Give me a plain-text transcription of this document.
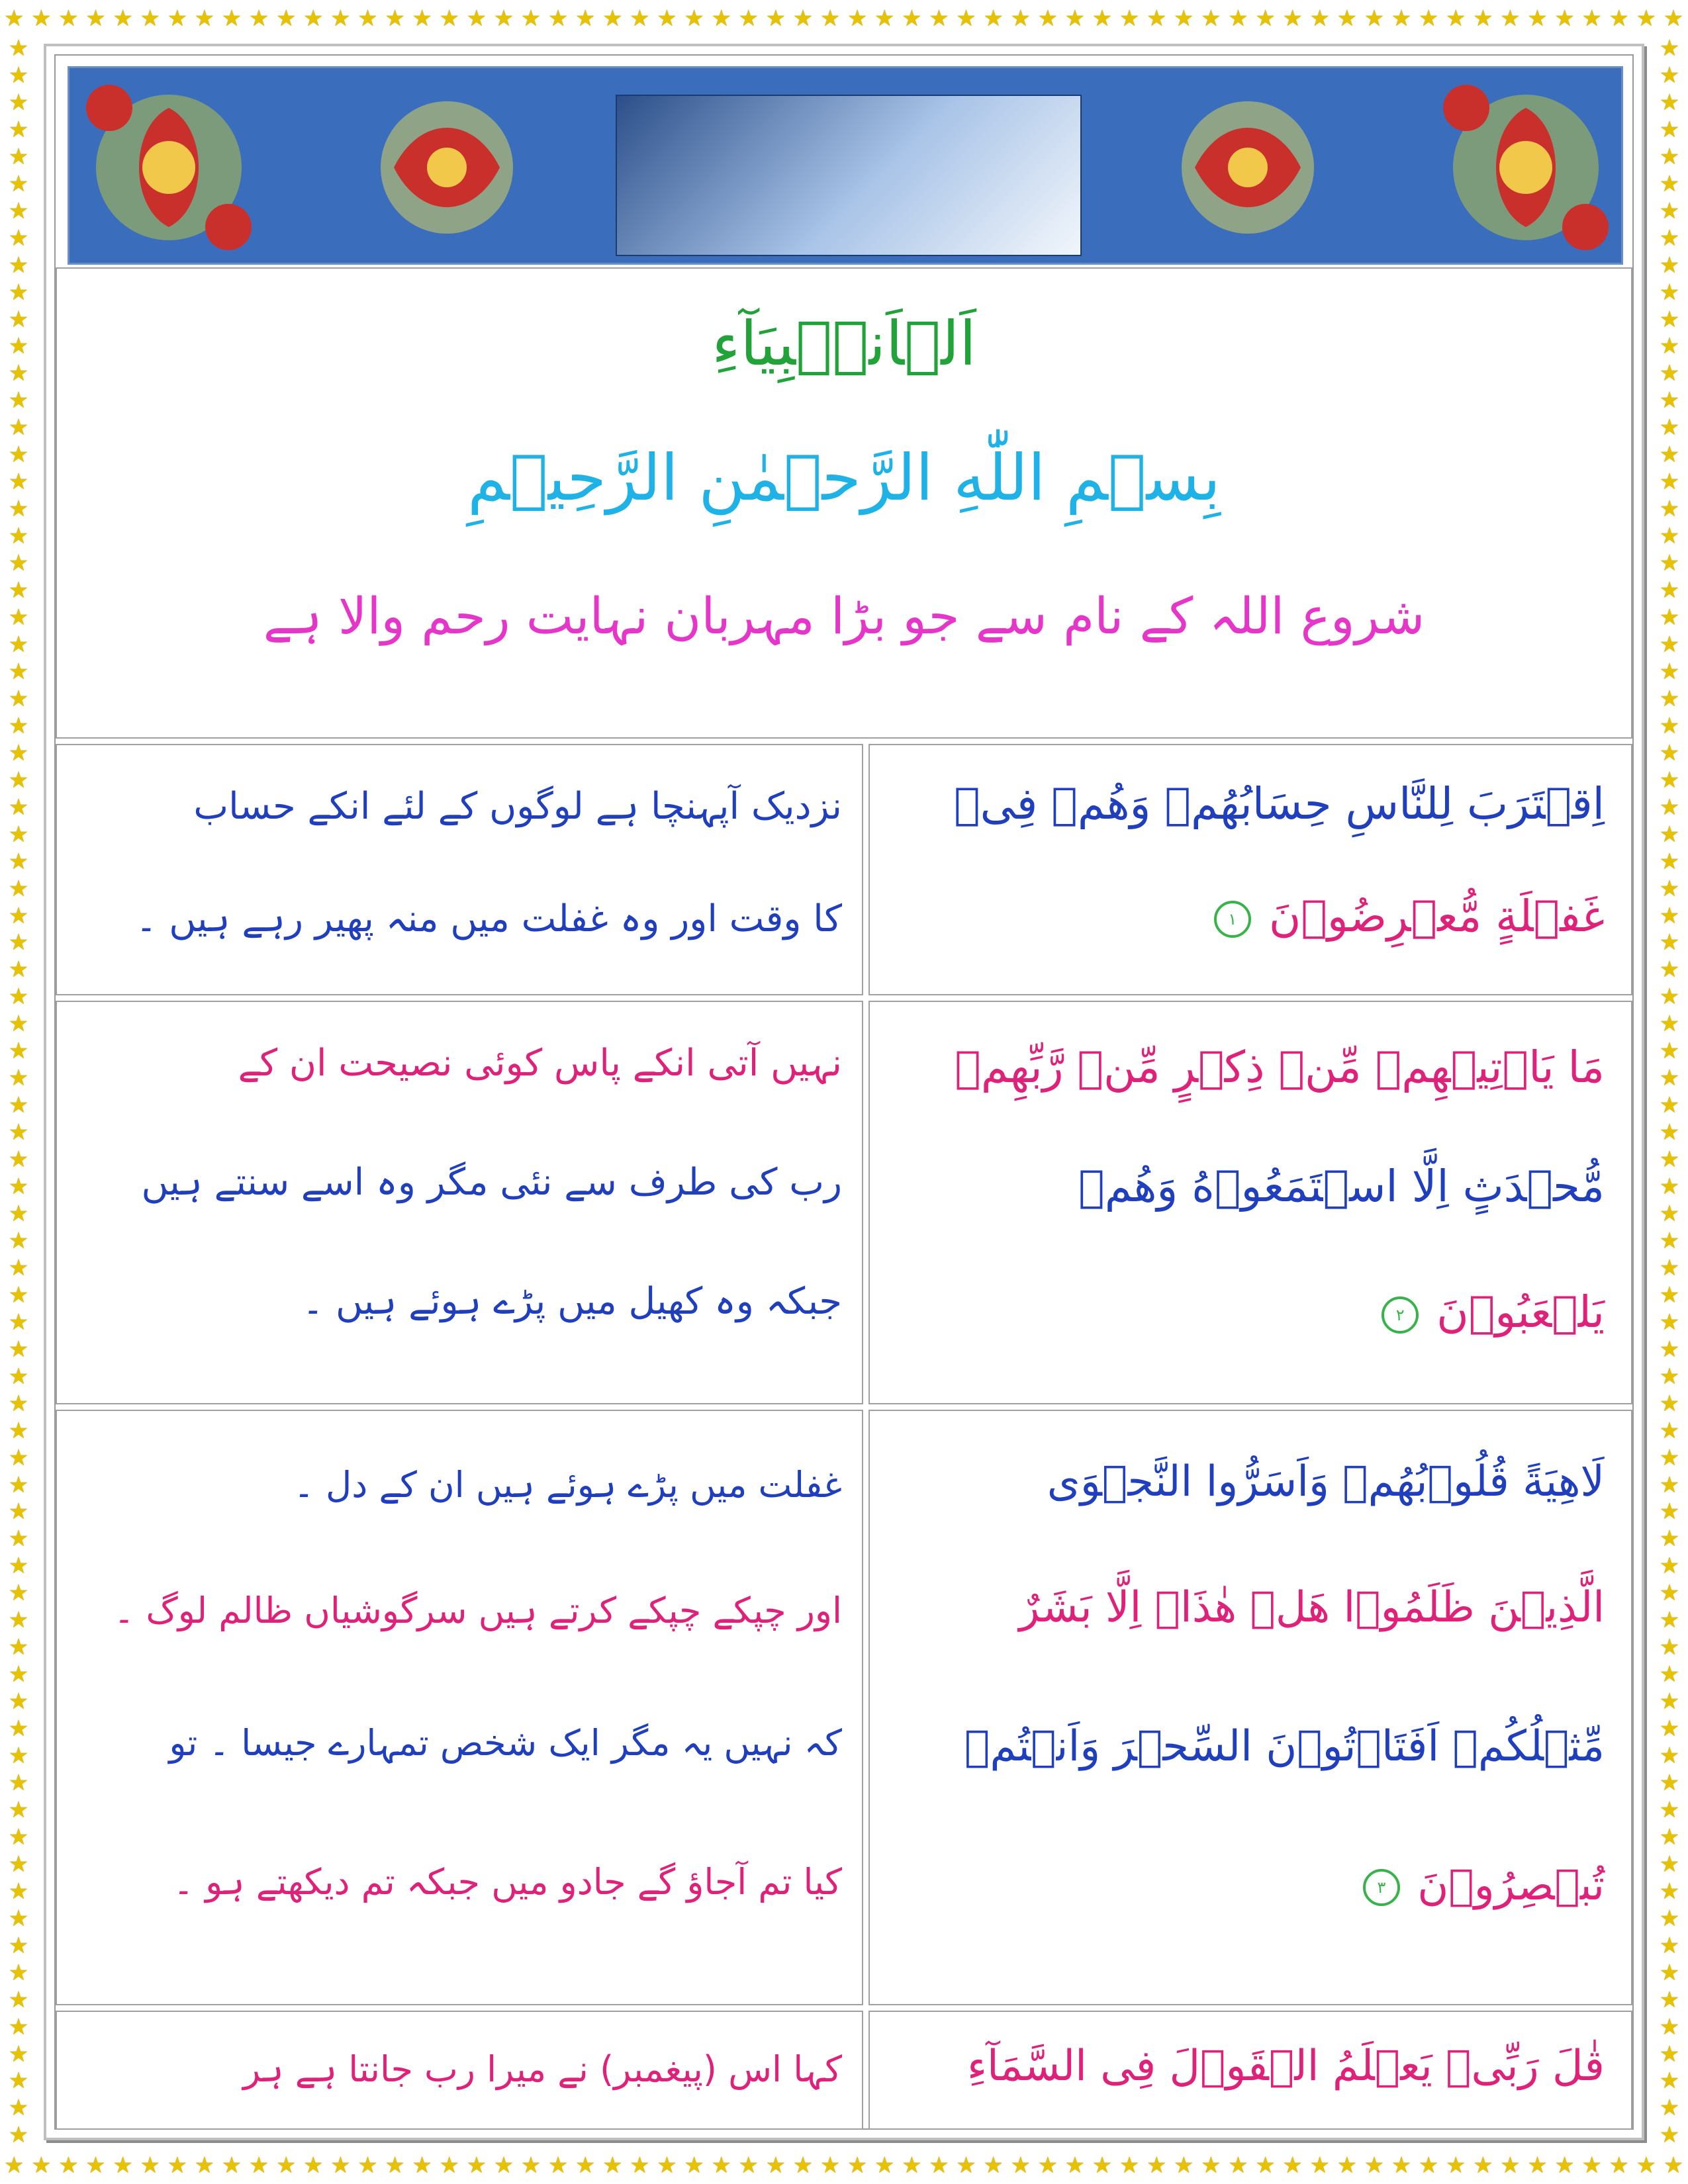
★ ★ ★ ★ ★ ★ ★ ★ ★ ★ ★ ★ ★ ★ ★ ★ ★ ★ ★ ★ ★ ★ ★ ★ ★ ★ ★ ★ ★ ★ ★ ★ ★ ★ ★ ★ ★ ★ ★ ★ ★ ★ ★ ★ ★ ★ ★ ★ ★ ★ ★ ★ ★ ★ ★ ★ ★ ★ ★ ★ ★ ★
★ ★ ★ ★ ★ ★ ★ ★ ★ ★ ★ ★ ★ ★ ★ ★ ★ ★ ★ ★ ★ ★ ★ ★ ★ ★ ★ ★ ★ ★ ★ ★ ★ ★ ★ ★ ★ ★ ★ ★ ★ ★ ★ ★ ★ ★ ★ ★ ★ ★ ★ ★ ★ ★ ★ ★ ★ ★ ★ ★ ★ ★
★
★
★
★
★
★
★
★
★
★
★
★
★
★
★
★
★
★
★
★
★
★
★
★
★
★
★
★
★
★
★
★
★
★
★
★
★
★
★
★
★
★
★
★
★
★
★
★
★
★
★
★
★
★
★
★
★
★
★
★
★
★
★
★
★
★
★
★
★
★
★
★
★
★
★
★
★
★
★
★
★
★
★
★
★
★
★
★
★
★
★
★
★
★
★
★
★
★
★
★
★
★
★
★
★
★
★
★
★
★
★
★
★
★
★
★
★
★
★
★
★
★
★
★
★
★
★
★
★
★
★
★
★
★
★
★
★
★
★
★
★
★
★
★
★
★
★
★
★
★
★
★
★
★
★
★
اَلۡاَنۡۢبِيَآءِ
بِسۡمِ اللّٰهِ الرَّحۡمٰنِ الرَّحِيۡمِ
شروع اللہ کے نام سے جو بڑا مہربان نہایت رحم والا ہے
اِقۡتَرَبَ لِلنَّاسِ حِسَابُهُمۡ وَهُمۡ فِىۡ
غَفۡلَةٍ مُّعۡرِضُوۡنَ ١
نزدیک آپہنچا ہے لوگوں کے لئے انکے حساب
کا وقت اور وہ غفلت میں منہ پھیر رہے ہیں ۔
مَا يَاۡتِيۡهِمۡ مِّنۡ ذِكۡرٍ مِّنۡ رَّبِّهِمۡ
مُّحۡدَثٍ اِلَّا اسۡتَمَعُوۡهُ وَهُمۡ
يَلۡعَبُوۡنَ ٢
نہیں آتی انکے پاس کوئی نصیحت ان کے
رب کی طرف سے نئی مگر وہ اسے سنتے ہیں
جبکہ وہ کھیل میں پڑے ہوئے ہیں ۔
لَاهِيَةً قُلُوۡبُهُمۡ وَاَسَرُّوا النَّجۡوَى
الَّذِيۡنَ ظَلَمُوۡا هَلۡ هٰذَاۤ اِلَّا بَشَرٌ
مِّثۡلُكُمۡ اَفَتَاۡتُوۡنَ السِّحۡرَ وَاَنۡتُمۡ
تُبۡصِرُوۡنَ ٣
غفلت میں پڑے ہوئے ہیں ان کے دل ۔
اور چپکے چپکے کرتے ہیں سرگوشیاں ظالم لوگ ۔
کہ نہیں یہ مگر ایک شخص تمہارے جیسا ۔ تو
کیا تم آجاؤ گے جادو میں جبکہ تم دیکھتے ہو ۔
قٰلَ رَبِّىۡ يَعۡلَمُ الۡقَوۡلَ فِى السَّمَآءِ
کہا اس (پیغمبر) نے میرا رب جانتا ہے ہر
